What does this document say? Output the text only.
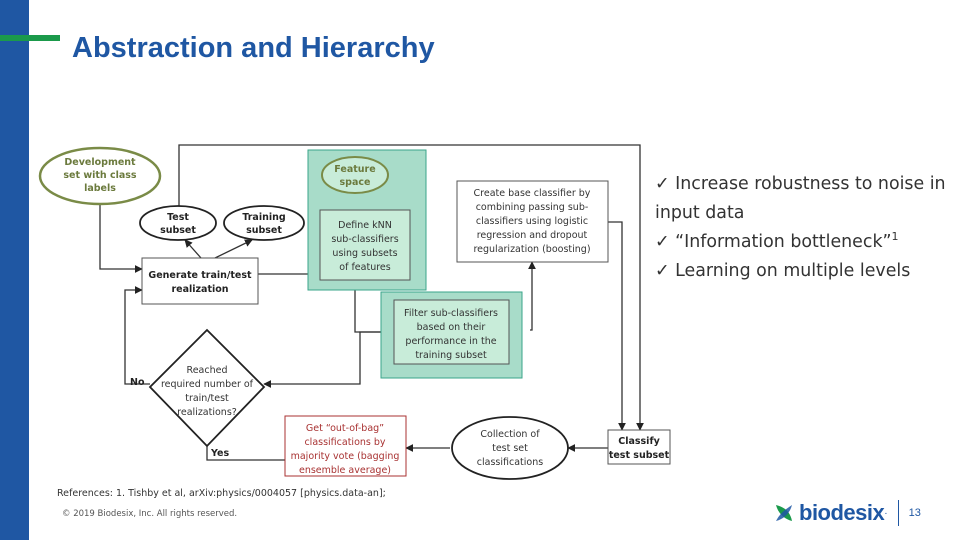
Abstraction and Hierarchy
Development
set with class
labels
Test
subset
Training
subset
Generate train/test
realization
Feature
space
Define kNN
sub-classifiers
using subsets
of features
Create base classifier by
combining passing sub-
classifiers using logistic
regression and dropout
regularization (boosting)
Filter sub-classifiers
based on their
performance in the
training subset
Reached
required number of
train/test
realizations?
No
Yes
Get “out-of-bag”
classifications by
majority vote (bagging
ensemble average)
Collection of
test set
classifications
Classify
test subset
✓ Increase robustness to noise in input data
✓ “Information bottleneck”$^1$
✓ Learning on multiple levels
References: 1. Tishby et al, arXiv:physics/0004057 [physics.data-an];
© 2019 Biodesix, Inc. All rights reserved.	biodesix · 13
